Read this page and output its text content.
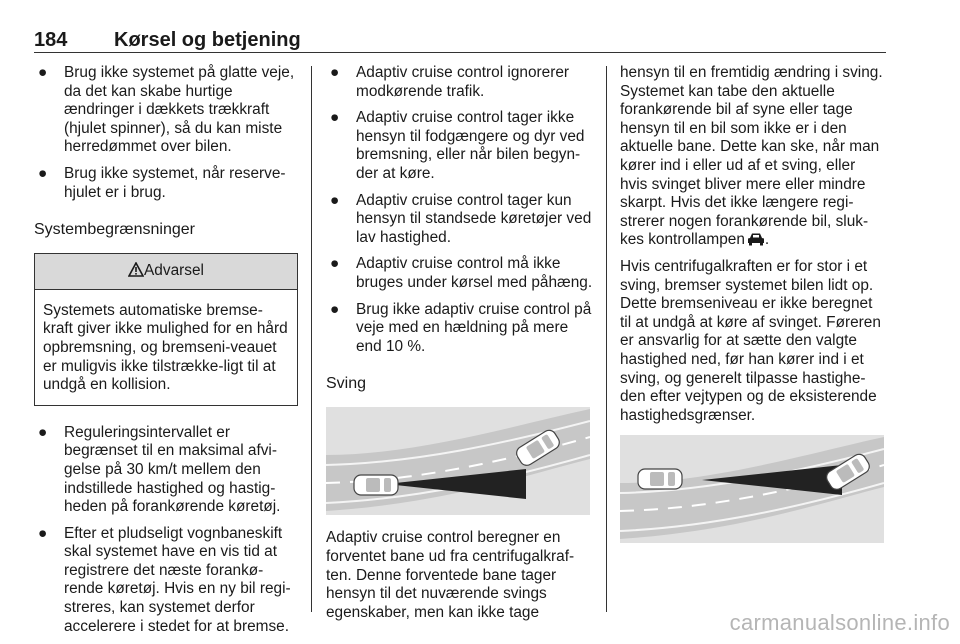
184 Kørsel og betjening
● Brug ikke systemet på glatte veje, da det kan skabe hurtige ændringer i dækkets trækkraft (hjulet spinner), så du kan miste herredømmet over bilen.
● Brug ikke systemet, når reserve-hjulet er i brug.
Systembegrænsninger
Advarsel
Systemets automatiske bremse-kraft giver ikke mulighed for en hård opbremsning, og bremseni-veauet er muligvis ikke tilstrække-ligt til at undgå en kollision.
● Reguleringsintervallet er begrænset til en maksimal afvi-gelse på 30 km/t mellem den indstillede hastighed og hastig-heden på forankørende køretøj.
● Efter et pludseligt vognbaneskift skal systemet have en vis tid at registrere det næste forankø-rende køretøj. Hvis en ny bil regi-streres, kan systemet derfor accelerere i stedet for at bremse.
● Adaptiv cruise control ignorerer modkørende trafik.
● Adaptiv cruise control tager ikke hensyn til fodgængere og dyr ved bremsning, eller når bilen begyn-der at køre.
● Adaptiv cruise control tager kun hensyn til standsede køretøjer ved lav hastighed.
● Adaptiv cruise control må ikke bruges under kørsel med påhæng.
● Brug ikke adaptiv cruise control på veje med en hældning på mere end 10 %.
Sving

Adaptiv cruise control beregner en forventet bane ud fra centrifugalkraf-ten. Denne forventede bane tager hensyn til det nuværende svings egenskaber, men kan ikke tage

hensyn til en fremtidig ændring i sving. Systemet kan tabe den aktuelle forankørende bil af syne eller tage hensyn til en bil som ikke er i den aktuelle bane. Dette kan ske, når man kører ind i eller ud af et sving, eller hvis svinget bliver mere eller mindre skarpt. Hvis det ikke længere regi-strerer nogen forankørende bil, sluk-kes kontrollampen .

Hvis centrifugalkraften er for stor i et sving, bremser systemet bilen lidt op. Dette bremseniveau er ikke beregnet til at undgå at køre af svinget. Føreren er ansvarlig for at sætte den valgte hastighed ned, før han kører ind i et sving, og generelt tilpasse hastighe-den efter vejtypen og de eksisterende hastighedsgrænser.

carmanualsonline.info
